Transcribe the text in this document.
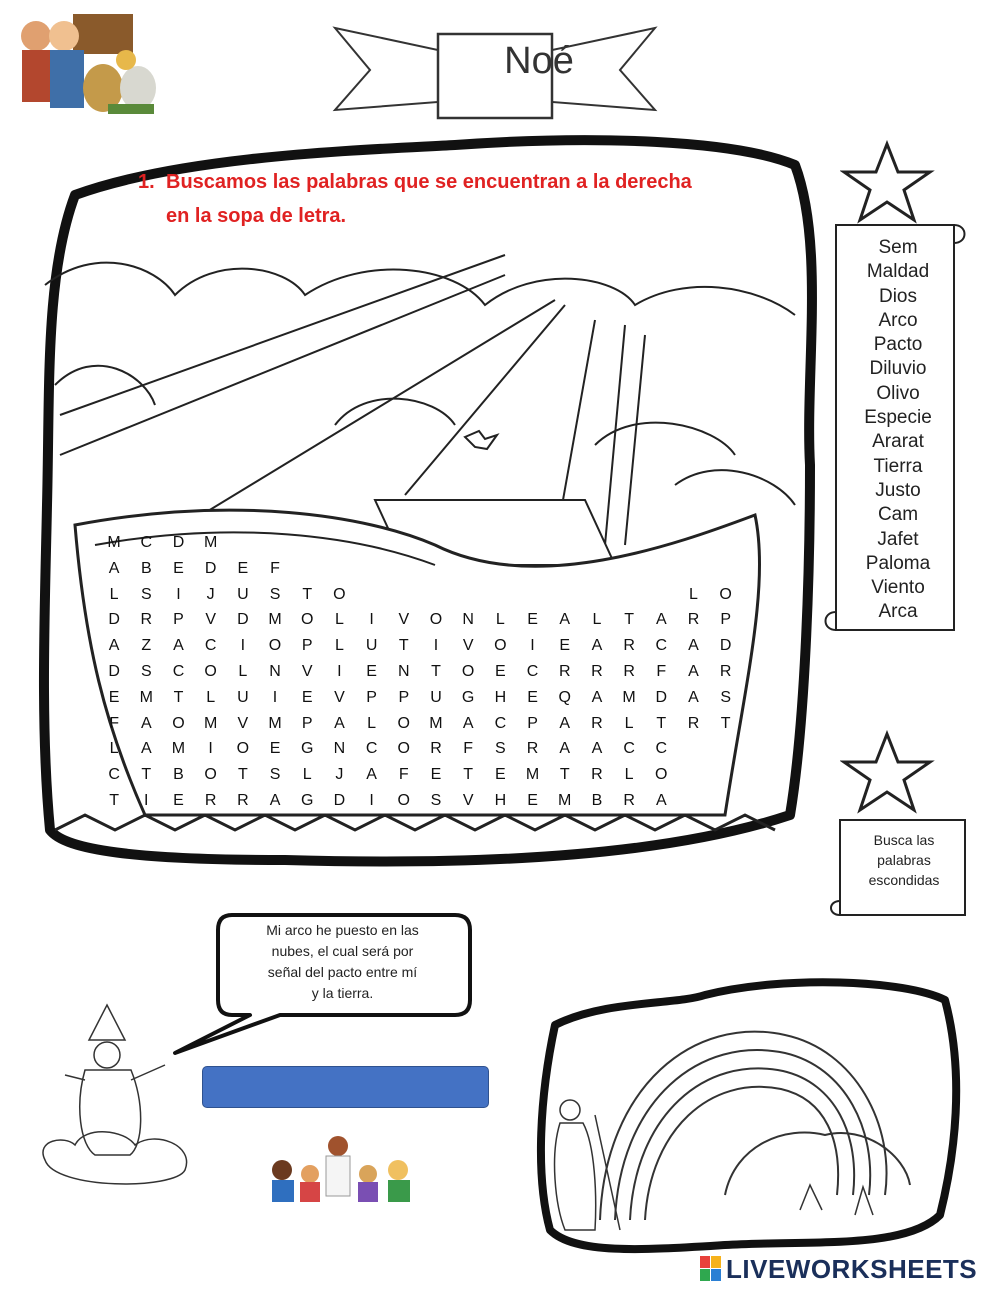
Noé
1. Buscamos las palabras que se encuentran a la derecha
en la sopa de letra.
M C D M
A B E D E F
L S I J U S T O	L O
D R P V D M O L I V O N L E A L T A R P
A Z A C I O P L U T I V O I E A R C A D
D S C O L N V I E N T O E C R R R F A R
E M T L U I E V P P U G H E Q A M D A S
F A O M V M P A L O M A C P A R L T R T
L A M I O E G N C O R F S R A A C C
C T B O T S L J A F E T E M T R L O
T I E R R A G D I O S V H E M B R A
Sem
Maldad
Dios
Arco
Pacto
Diluvio
Olivo
Especie
Ararat
Tierra
Justo
Cam
Jafet
Paloma
Viento
Arca
Busca las
palabras
escondidas
Mi arco he puesto en las
nubes, el cual será por
señal del pacto entre mí
y la tierra.
LIVEWORKSHEETS
